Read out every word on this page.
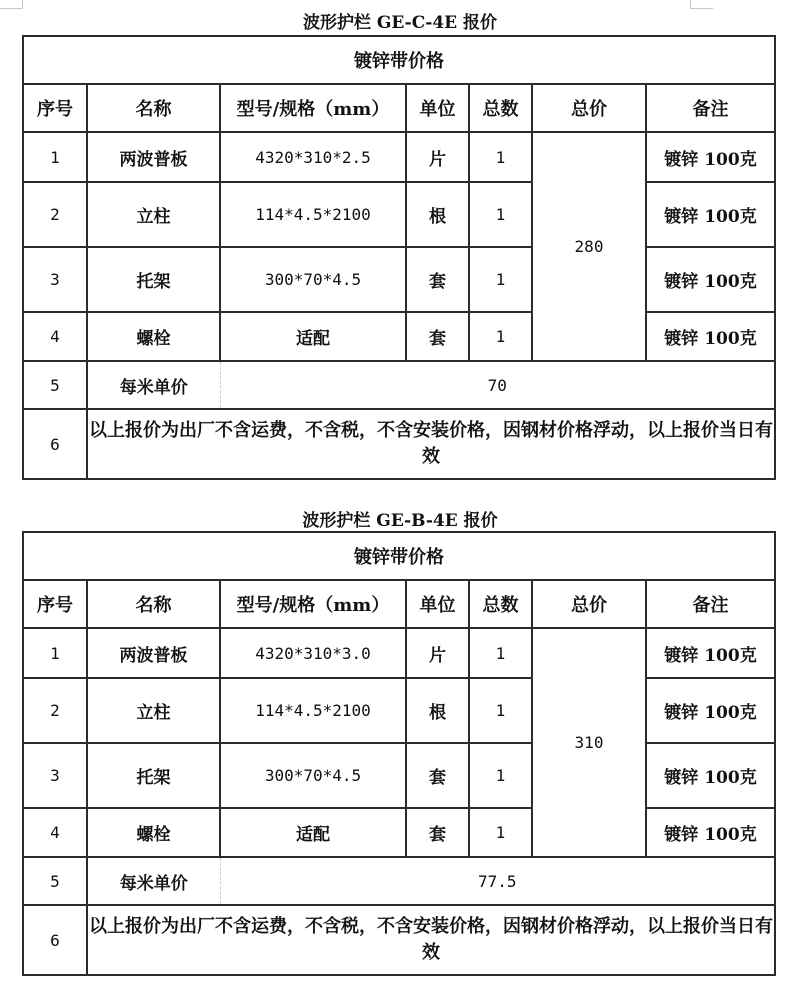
波形护栏 GE-C-4E 报价
镀锌带价格						
序号	名称	型号/规格（mm）	单位	总数	总价	备注
1	两波普板	4320*310*2.5	片	1	280	镀锌 100克
2	立柱	114*4.5*2100	根	1		镀锌 100克
3	托架	300*70*4.5	套	1		镀锌 100克
4	螺栓	适配	套	1		镀锌 100克
5	每米单价	70				
6	以上报价为出厂不含运费，不含税，不含安装价格，因钢材价格浮动，以上报价当日有效					
波形护栏 GE-B-4E 报价
镀锌带价格						
序号	名称	型号/规格（mm）	单位	总数	总价	备注
1	两波普板	4320*310*3.0	片	1	310	镀锌 100克
2	立柱	114*4.5*2100	根	1		镀锌 100克
3	托架	300*70*4.5	套	1		镀锌 100克
4	螺栓	适配	套	1		镀锌 100克
5	每米单价	77.5				
6	以上报价为出厂不含运费，不含税，不含安装价格，因钢材价格浮动，以上报价当日有效					
